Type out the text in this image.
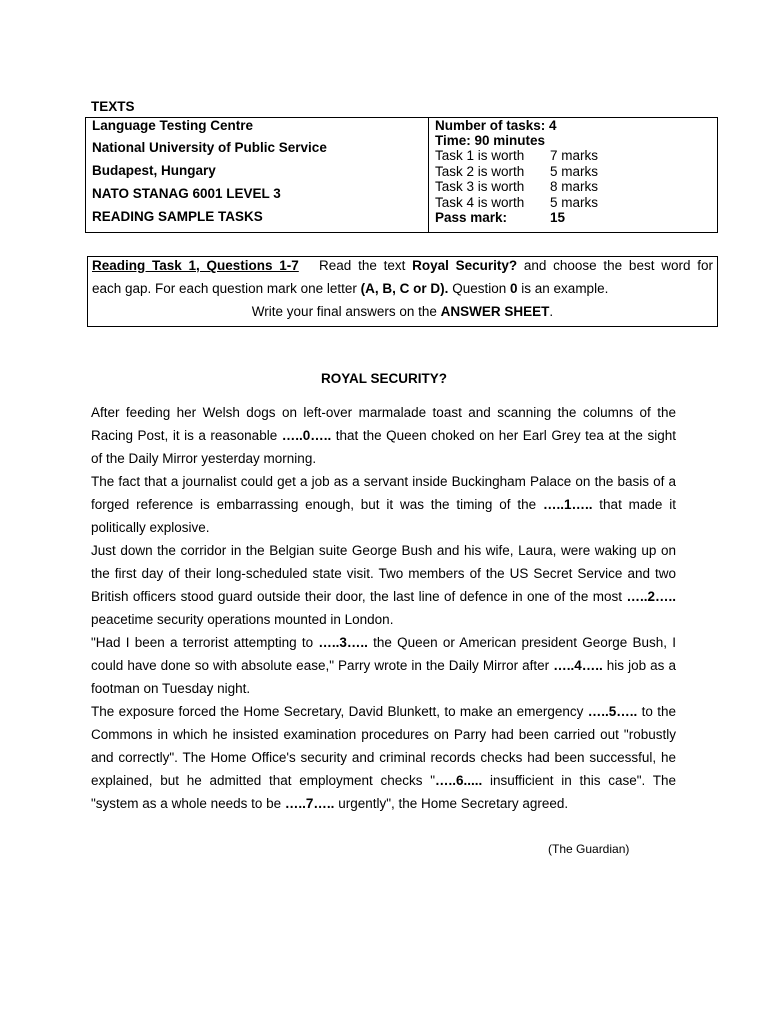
TEXTS
Language Testing Centre
National University of Public Service
Budapest, Hungary
NATO STANAG 6001 LEVEL 3
READING SAMPLE TASKS
Number of tasks: 4
Time: 90 minutes
Task 1 is worth 7 marks
Task 2 is worth 5 marks
Task 3 is worth 8 marks
Task 4 is worth 5 marks
Pass mark:	15
Reading Task 1, Questions 1-7 Read the text Royal Security? and choose the best word for
each gap. For each question mark one letter (A, B, C or D). Question 0 is an example.
Write your final answers on the ANSWER SHEET.
ROYAL SECURITY?

After feeding her Welsh dogs on left-over marmalade toast and scanning the columns of the Racing Post, it is a reasonable …..0….. that the Queen choked on her Earl Grey tea at the sight of the Daily Mirror yesterday morning.

The fact that a journalist could get a job as a servant inside Buckingham Palace on the basis of a forged reference is embarrassing enough, but it was the timing of the …..1….. that made it politically explosive.

Just down the corridor in the Belgian suite George Bush and his wife, Laura, were waking up on the first day of their long-scheduled state visit. Two members of the US Secret Service and two British officers stood guard outside their door, the last line of defence in one of the most …..2….. peacetime security operations mounted in London.

"Had I been a terrorist attempting to …..3….. the Queen or American president George Bush, I could have done so with absolute ease," Parry wrote in the Daily Mirror after …..4….. his job as a footman on Tuesday night.

The exposure forced the Home Secretary, David Blunkett, to make an emergency …..5….. to the Commons in which he insisted examination procedures on Parry had been carried out "robustly and correctly". The Home Office's security and criminal records checks had been successful, he explained, but he admitted that employment checks "…..6..... insufficient in this case". The "system as a whole needs to be …..7….. urgently", the Home Secretary agreed.

(The Guardian)
